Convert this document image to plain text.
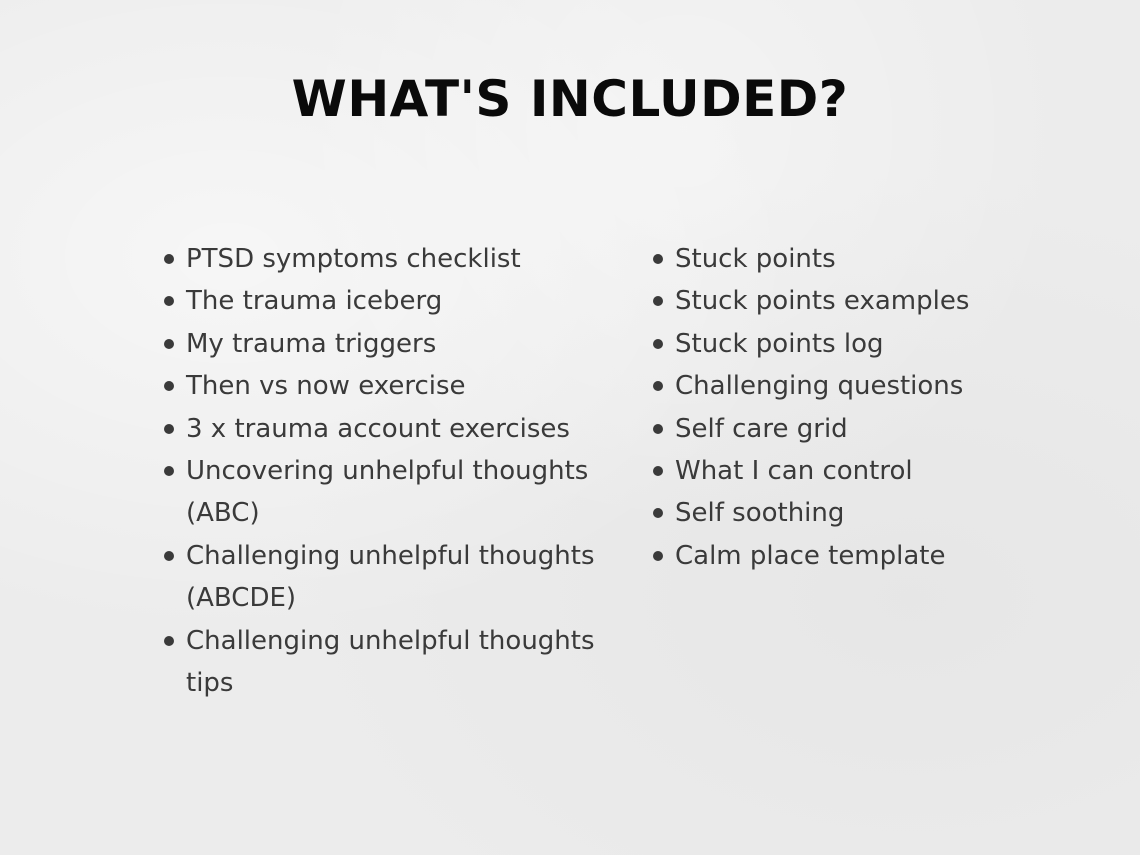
WHAT'S INCLUDED?
PTSD symptoms checklist
The trauma iceberg
My trauma triggers
Then vs now exercise
3 x trauma account exercises
Uncovering unhelpful thoughts (ABC)
Challenging unhelpful thoughts (ABCDE)
Challenging unhelpful thoughts tips
Stuck points
Stuck points examples
Stuck points log
Challenging questions
Self care grid
What I can control
Self soothing
Calm place template
